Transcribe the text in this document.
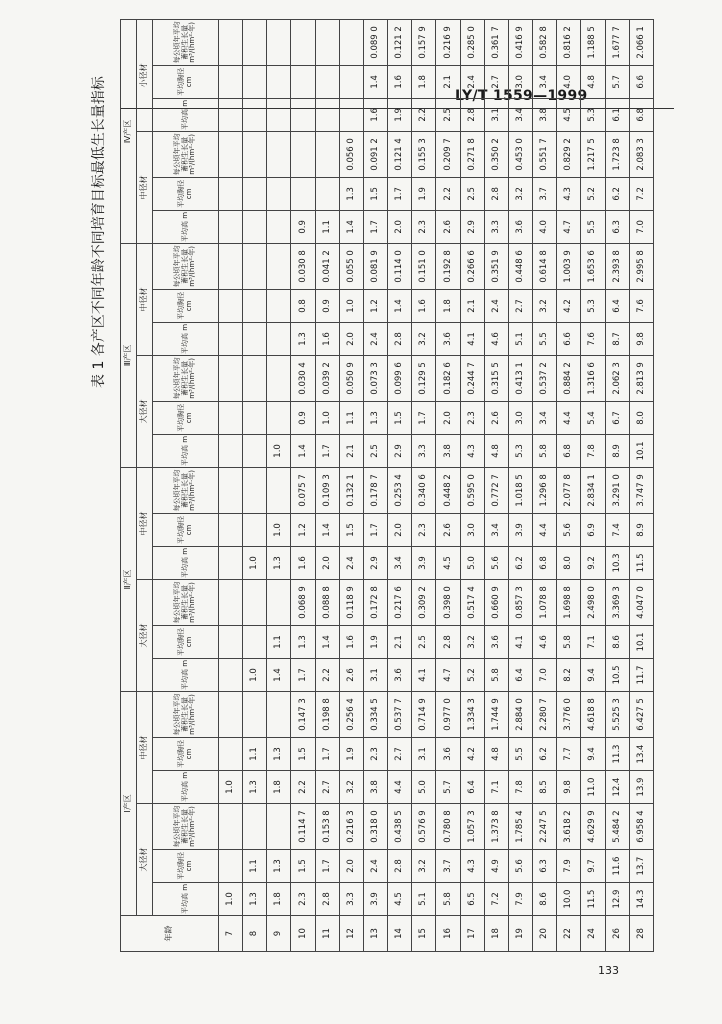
LY/T 1559—1999
表 1 各产区不同年龄不同培育目标最低生长量指标
年龄	Ⅰ产区						Ⅱ产区						Ⅲ产区						Ⅳ产区					
	大径材			中径材			大径材			中径材			大径材			中径材			中径材			小径材		
	平均高 m	平均胸径 cm	每公顷年平均蓄积生长量 m³/(hm²·年)	平均高 m	平均胸径 cm	每公顷年平均蓄积生长量 m³/(hm²·年)	平均高 m	平均胸径 cm	每公顷年平均蓄积生长量 m³/(hm²·年)	平均高 m	平均胸径 cm	每公顷年平均蓄积生长量 m³/(hm²·年)	平均高 m	平均胸径 cm	每公顷年平均蓄积生长量 m³/(hm²·年)	平均高 m	平均胸径 cm	每公顷年平均蓄积生长量 m³/(hm²·年)	平均高 m	平均胸径 cm	每公顷年平均蓄积生长量 m³/(hm²·年)	平均高 m	平均胸径 cm	每公顷年平均蓄积生长量 m³/(hm²·年)
7	1.0			1.0																				
8	1.3	1.1		1.3	1.1		1.0			1.0														
9	1.8	1.3		1.8	1.3		1.4	1.1		1.3	1.0		1.0											
10	2.3	1.5	0.114 7	2.2	1.5	0.147 3	1.7	1.3	0.068 9	1.6	1.2	0.075 7	1.4	0.9	0.030 4	1.3	0.8	0.030 8	0.9					
11	2.8	1.7	0.153 8	2.7	1.7	0.198 8	2.2	1.4	0.088 8	2.0	1.4	0.109 3	1.7	1.0	0.039 2	1.6	0.9	0.041 2	1.1					
12	3.3	2.0	0.216 3	3.2	1.9	0.256 4	2.6	1.6	0.118 9	2.4	1.5	0.132 1	2.1	1.1	0.050 9	2.0	1.0	0.055 0	1.4	1.3	0.056 0			
13	3.9	2.4	0.318 0	3.8	2.3	0.334 5	3.1	1.9	0.172 8	2.9	1.7	0.178 7	2.5	1.3	0.073 3	2.4	1.2	0.081 9	1.7	1.5	0.091 2	1.6	1.4	0.089 0
14	4.5	2.8	0.438 5	4.4	2.7	0.537 7	3.6	2.1	0.217 6	3.4	2.0	0.253 4	2.9	1.5	0.099 6	2.8	1.4	0.114 0	2.0	1.7	0.121 4	1.9	1.6	0.121 2
15	5.1	3.2	0.576 9	5.0	3.1	0.714 9	4.1	2.5	0.309 2	3.9	2.3	0.340 6	3.3	1.7	0.129 5	3.2	1.6	0.151 0	2.3	1.9	0.155 3	2.2	1.8	0.157 9
16	5.8	3.7	0.780 8	5.7	3.6	0.977 0	4.7	2.8	0.398 0	4.5	2.6	0.448 2	3.8	2.0	0.182 6	3.6	1.8	0.192 8	2.6	2.2	0.209 7	2.5	2.1	0.216 9
17	6.5	4.3	1.057 3	6.4	4.2	1.334 3	5.2	3.2	0.517 4	5.0	3.0	0.595 0	4.3	2.3	0.244 7	4.1	2.1	0.266 6	2.9	2.5	0.271 8	2.8	2.4	0.285 0
18	7.2	4.9	1.373 8	7.1	4.8	1.744 9	5.8	3.6	0.660 9	5.6	3.4	0.772 7	4.8	2.6	0.315 5	4.6	2.4	0.351 9	3.3	2.8	0.350 2	3.1	2.7	0.361 7
19	7.9	5.6	1.785 4	7.8	5.5	2.884 0	6.4	4.1	0.857 3	6.2	3.9	1.018 5	5.3	3.0	0.413 1	5.1	2.7	0.448 6	3.6	3.2	0.453 0	3.4	3.0	0.416 9
20	8.6	6.3	2.247 5	8.5	6.2	2.280 7	7.0	4.6	1.078 8	6.8	4.4	1.296 8	5.8	3.4	0.537 2	5.5	3.2	0.614 8	4.0	3.7	0.551 7	3.8	3.4	0.582 8
22	10.0	7.9	3.618 2	9.8	7.7	3.776 0	8.2	5.8	1.698 8	8.0	5.6	2.077 8	6.8	4.4	0.884 2	6.6	4.2	1.003 9	4.7	4.3	0.829 2	4.5	4.0	0.816 2
24	11.5	9.7	4.629 9	11.0	9.4	4.618 8	9.4	7.1	2.498 0	9.2	6.9	2.834 1	7.8	5.4	1.316 6	7.6	5.3	1.653 6	5.5	5.2	1.217 5	5.3	4.8	1.188 5
26	12.9	11.6	5.484 2	12.4	11.3	5.525 3	10.5	8.6	3.369 3	10.3	7.4	3.291 0	8.9	6.7	2.062 3	8.7	6.4	2.393 8	6.3	6.2	1.723 8	6.1	5.7	1.677 7
28	14.3	13.7	6.958 4	13.9	13.4	6.427 5	11.7	10.1	4.047 0	11.5	8.9	3.747 9	10.1	8.0	2.813 9	9.8	7.6	2.995 8	7.0	7.2	2.083 3	6.8	6.6	2.066 1
133
